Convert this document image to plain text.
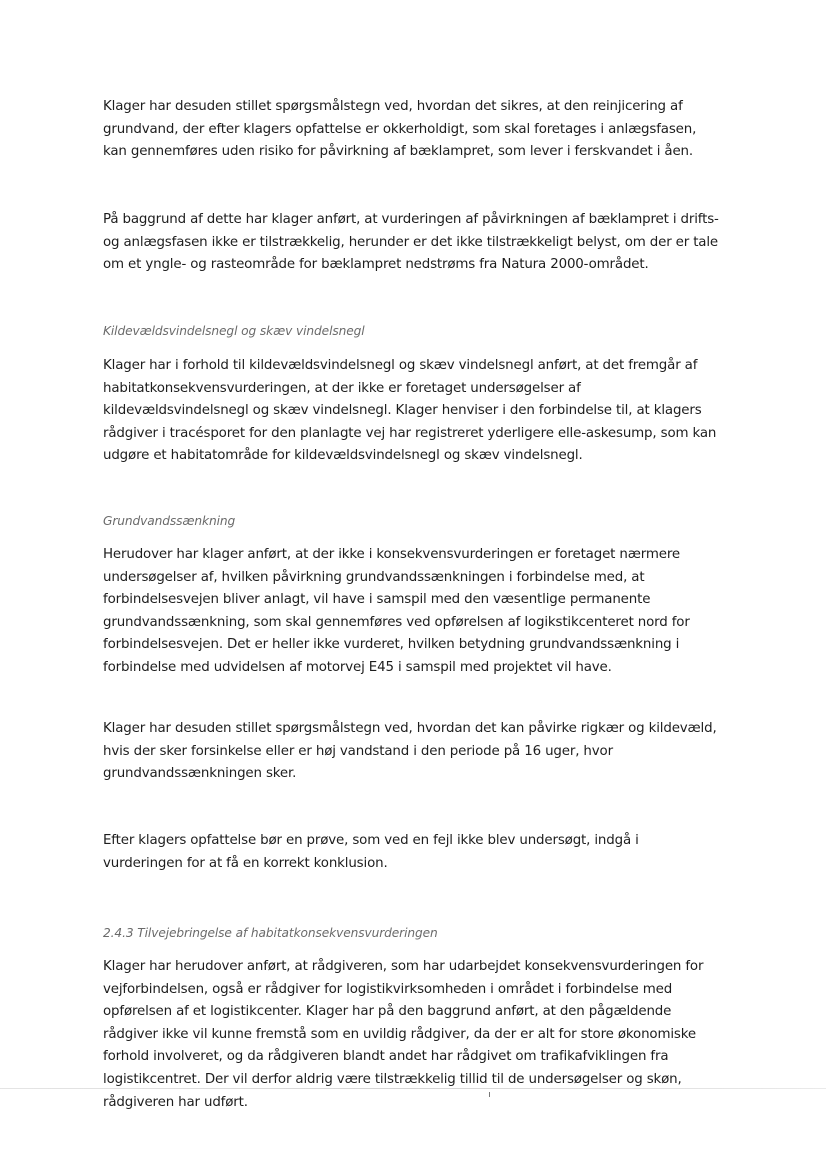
Klager har desuden stillet spørgsmålstegn ved, hvordan det sikres, at den reinjicering af grundvand, der efter klagers opfattelse er okkerholdigt, som skal foretages i anlægsfasen, kan gennemføres uden risiko for påvirkning af bæklampret, som lever i ferskvandet i åen.

På baggrund af dette har klager anført, at vurderingen af påvirkningen af bæklampret i drifts- og anlægsfasen ikke er tilstrækkelig, herunder er det ikke tilstrækkeligt belyst, om der er tale om et yngle- og rasteområde for bæklampret nedstrøms fra Natura 2000-området.

Kildevældsvindelsnegl og skæv vindelsnegl

Klager har i forhold til kildevældsvindelsnegl og skæv vindelsnegl anført, at det fremgår af habitatkonsekvensvurderingen, at der ikke er foretaget undersøgelser af kildevældsvindelsnegl og skæv vindelsnegl. Klager henviser i den forbindelse til, at klagers rådgiver i tracésporet for den planlagte vej har registreret yderligere elle-askesump, som kan udgøre et habitatområde for kildevældsvindelsnegl og skæv vindelsnegl.

Grundvandssænkning

Herudover har klager anført, at der ikke i konsekvensvurderingen er foretaget nærmere undersøgelser af, hvilken påvirkning grundvandssænkningen i forbindelse med, at forbindelsesvejen bliver anlagt, vil have i samspil med den væsentlige permanente grundvandssænkning, som skal gennemføres ved opførelsen af logikstikcenteret nord for forbindelsesvejen. Det er heller ikke vurderet, hvilken betydning grundvandssænkning i forbindelse med udvidelsen af motorvej E45 i samspil med projektet vil have.

Klager har desuden stillet spørgsmålstegn ved, hvordan det kan påvirke rigkær og kildevæld, hvis der sker forsinkelse eller er høj vandstand i den periode på 16 uger, hvor grundvandssænkningen sker.

Efter klagers opfattelse bør en prøve, som ved en fejl ikke blev undersøgt, indgå i vurderingen for at få en korrekt konklusion.

2.4.3 Tilvejebringelse af habitatkonsekvensvurderingen

Klager har herudover anført, at rådgiveren, som har udarbejdet konsekvensvurderingen for vejforbindelsen, også er rådgiver for logistikvirksomheden i området i forbindelse med opførelsen af et logistikcenter. Klager har på den baggrund anført, at den pågældende rådgiver ikke vil kunne fremstå som en uvildig rådgiver, da der er alt for store økonomiske forhold involveret, og da rådgiveren blandt andet har rådgivet om trafikafviklingen fra logistikcentret. Der vil derfor aldrig være tilstrækkelig tillid til de undersøgelser og skøn, rådgiveren har udført.
